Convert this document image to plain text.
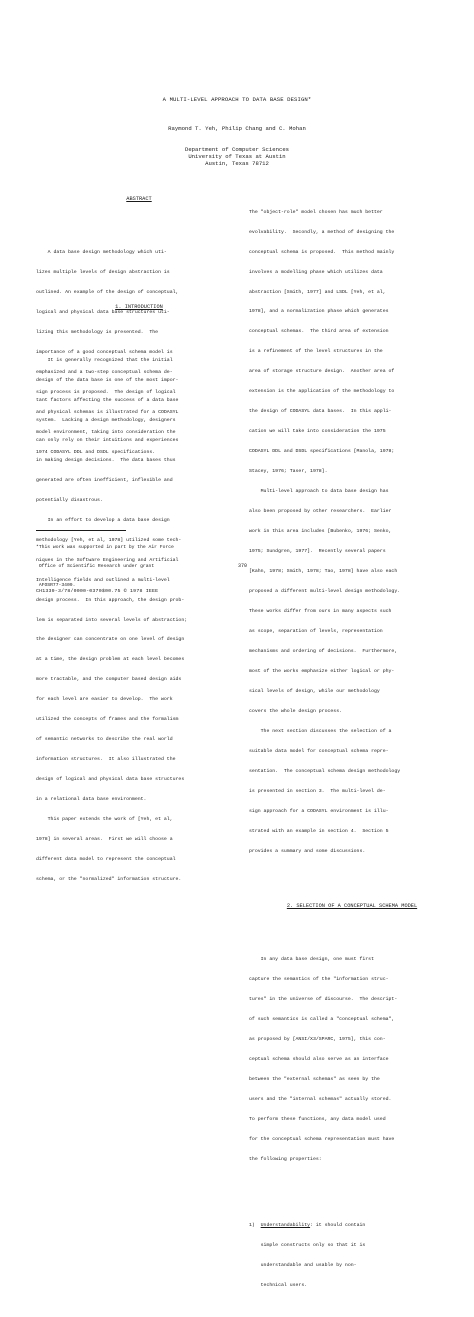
A MULTI-LEVEL APPROACH TO DATA BASE DESIGN*
Raymond T. Yeh, Philip Chang and C. Mohan
Department of Computer Sciences
University of Texas at Austin
Austin, Texas 78712

ABSTRACT

A data base design methodology which uti-

lizes multiple levels of design abstraction is

outlined. An example of the design of conceptual,

logical and physical data base structures uti-

lizing this methodology is presented.  The

importance of a good conceptual schema model is

emphasized and a two-step conceptual schema de-

sign process is proposed.  The design of logical

and physical schemas is illustrated for a CODASYL

model environment, taking into consideration the

1974 CODASYL DDL and DSDL specifications.

1. INTRODUCTION

It is generally recognized that the initial

design of the data base is one of the most impor-

tant factors affecting the success of a data base

system.  Lacking a design methodology, designers

can only rely on their intuitions and experiences

in making design decisions.  The data bases thus

generated are often inefficient, inflexible and

potentially disastrous.

In an effort to develop a data base design

methodology [Yeh, et al, 1978] utilized some tech-

niques in the Software Engineering and Artificial

Intelligence fields and outlined a multi-level

design process.  In this approach, the design prob-

lem is separated into several levels of abstraction;

the designer can concentrate on one level of design

at a time, the design problem at each level becomes

more tractable, and the computer based design aids

for each level are easier to develop.  The work

utilized the concepts of frames and the formalism

of semantic networks to describe the real world

information structures.  It also illustrated the

design of logical and physical data base structures

in a relational data base environment.

This paper extends the work of [Yeh, et al,

1978] in several areas.  First we will choose a

different data model to represent the conceptual

schema, or the "normalized" information structure.

*This work was supported in part by the Air Force

Office of Scientific Research under grant

AFOSR77-3409.

The "object-role" model chosen has much better

evolvability.  Secondly, a method of designing the

conceptual schema is proposed.  This method mainly

involves a modelling phase which utilizes data

abstraction [Smith, 1977] and LSDL [Yeh, et al,

1978], and a normalization phase which generates

conceptual schemas.  The third area of extension

is a refinement of the level structures in the

area of storage structure design.  Another area of

extension is the application of the methodology to

the design of CODASYL data bases.  In this appli-

cation we will take into consideration the 1975

CODASYL DDL and DSDL specifications [Manola, 1978;

Stacey, 1976; Taser, 1978].

Multi-level approach to data base design has

also been proposed by other researchers.  Earlier

work in this area includes [Bubenko, 1976; Senko,

1975; Sundgren, 1977].  Recently several papers

[Kahn, 1978; Smith, 1978; Tao, 1978] have also each

proposed a different multi-level design methodology.

These works differ from ours in many aspects such

as scope, separation of levels, representation

mechanisms and ordering of decisions.  Furthermore,

most of the works emphasize either logical or phy-

sical levels of design, while our methodology

covers the whole design process.

The next section discusses the selection of a

suitable data model for conceptual schema repre-

sentation.  The conceptual schema design methodology

is presented in section 3.  The multi-level de-

sign approach for a CODASYL environment is illu-

strated with an example in section 4.  Section 5

provides a summary and some discussions.

2. SELECTION OF A CONCEPTUAL SCHEMA MODEL

In any data base design, one must first

capture the semantics of the "information struc-

tures" in the universe of discourse.  The descript-

of such semantics is called a "conceptual schema",

as proposed by [ANSI/X3/SPARC, 1975], this con-

ceptual schema should also serve as an interface

between the "external schemas" as seen by the

users and the "internal schemas" actually stored.

To perform these functions, any data model used

for the conceptual schema representation must have

the following properties:

1)  Understandability: it should contain

simple constructs only so that it is

understandable and usable by non-

technical users.

370
CH1339-3/78/0000-0370$00.75 © 1978 IEEE
